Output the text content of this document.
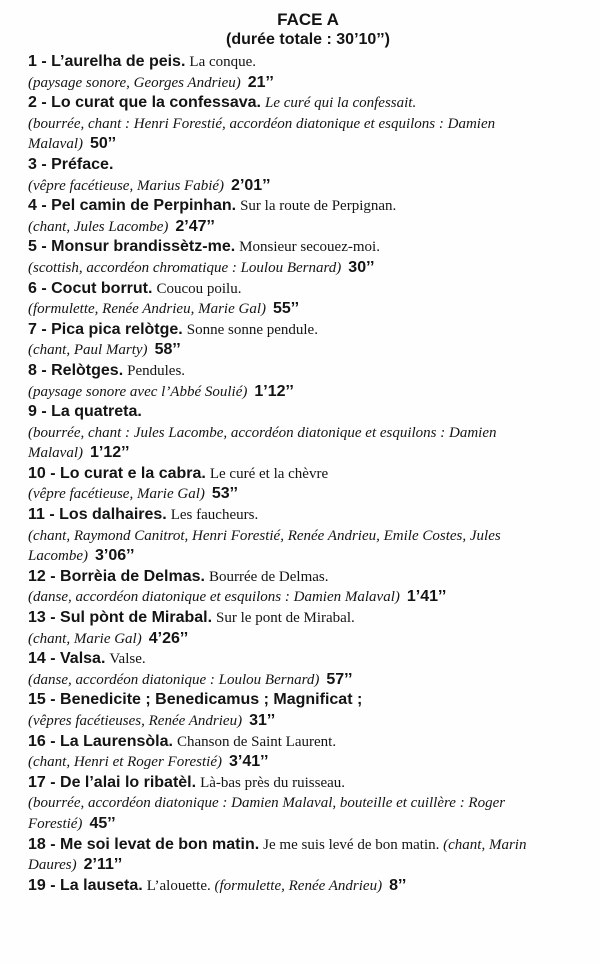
FACE A
(durée totale : 30’10’’)
1 - L’aurelha de peis. La conque.
(paysage sonore, Georges Andrieu) 21’’
2 - Lo curat que la confessava. Le curé qui la confessait.
(bourrée, chant : Henri Forestié, accordéon diatonique et esquilons : Damien Malaval) 50’’
3 - Préface.
(vêpre facétieuse, Marius Fabié) 2’01’’
4 - Pel camin de Perpinhan. Sur la route de Perpignan.
(chant, Jules Lacombe) 2’47’’
5 - Monsur brandissètz-me. Monsieur secouez-moi.
(scottish, accordéon chromatique : Loulou Bernard) 30’’
6 - Cocut borrut. Coucou poilu.
(formulette, Renée Andrieu, Marie Gal) 55’’
7 - Pica pica relòtge. Sonne sonne pendule.
(chant, Paul Marty) 58’’
8 - Relòtges. Pendules.
(paysage sonore avec l’Abbé Soulié) 1’12’’
9 - La quatreta.
(bourrée, chant : Jules Lacombe, accordéon diatonique et esquilons : Damien Malaval) 1’12’’
10 - Lo curat e la cabra. Le curé et la chèvre
(vêpre facétieuse, Marie Gal) 53’’
11 - Los dalhaires. Les faucheurs.
(chant, Raymond Canitrot, Henri Forestié, Renée Andrieu, Emile Costes, Jules Lacombe) 3’06’’
12 - Borrèia de Delmas. Bourrée de Delmas.
(danse, accordéon diatonique et esquilons : Damien Malaval) 1’41’’
13 - Sul pònt de Mirabal. Sur le pont de Mirabal.
(chant, Marie Gal) 4’26’’
14 - Valsa. Valse.
(danse, accordéon diatonique : Loulou Bernard) 57’’
15 - Benedicite ; Benedicamus ; Magnificat ;
(vêpres facétieuses, Renée Andrieu) 31’’
16 - La Laurensòla. Chanson de Saint Laurent.
(chant, Henri et Roger Forestié) 3’41’’
17 - De l’alai lo ribatèl. Là-bas près du ruisseau.
(bourrée, accordéon diatonique : Damien Malaval, bouteille et cuillère : Roger Forestié) 45’’
18 - Me soi levat de bon matin. Je me suis levé de bon matin. (chant, Marin Daures) 2’11’’
19 - La lauseta. L’alouette. (formulette, Renée Andrieu) 8’’
